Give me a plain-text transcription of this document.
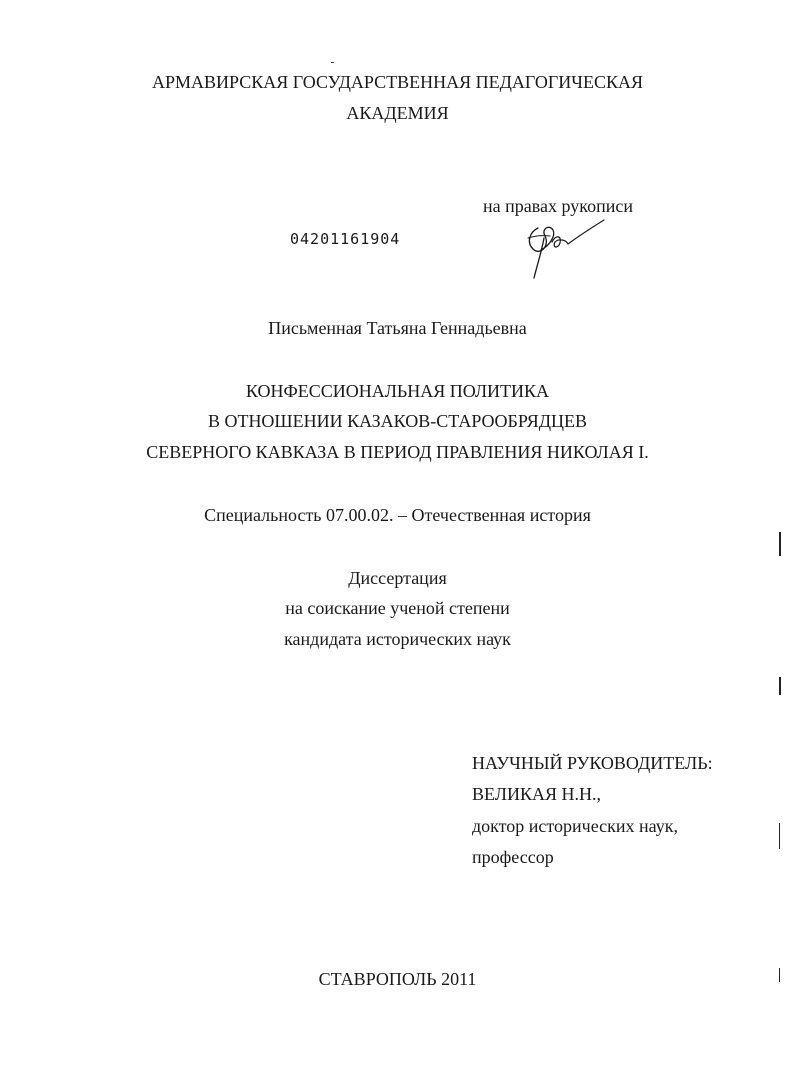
АРМАВИРСКАЯ ГОСУДАРСТВЕННАЯ ПЕДАГОГИЧЕСКАЯ
АКАДЕМИЯ
на правах рукописи
04201161904
Письменная Татьяна Геннадьевна
КОНФЕССИОНАЛЬНАЯ ПОЛИТИКА
В ОТНОШЕНИИ КАЗАКОВ-СТАРООБРЯДЦЕВ
СЕВЕРНОГО КАВКАЗА В ПЕРИОД ПРАВЛЕНИЯ НИКОЛАЯ I.
Специальность 07.00.02. – Отечественная история
Диссертация
на соискание ученой степени
кандидата исторических наук
НАУЧНЫЙ РУКОВОДИТЕЛЬ:
ВЕЛИКАЯ Н.Н.,
доктор исторических наук,
профессор
СТАВРОПОЛЬ 2011
